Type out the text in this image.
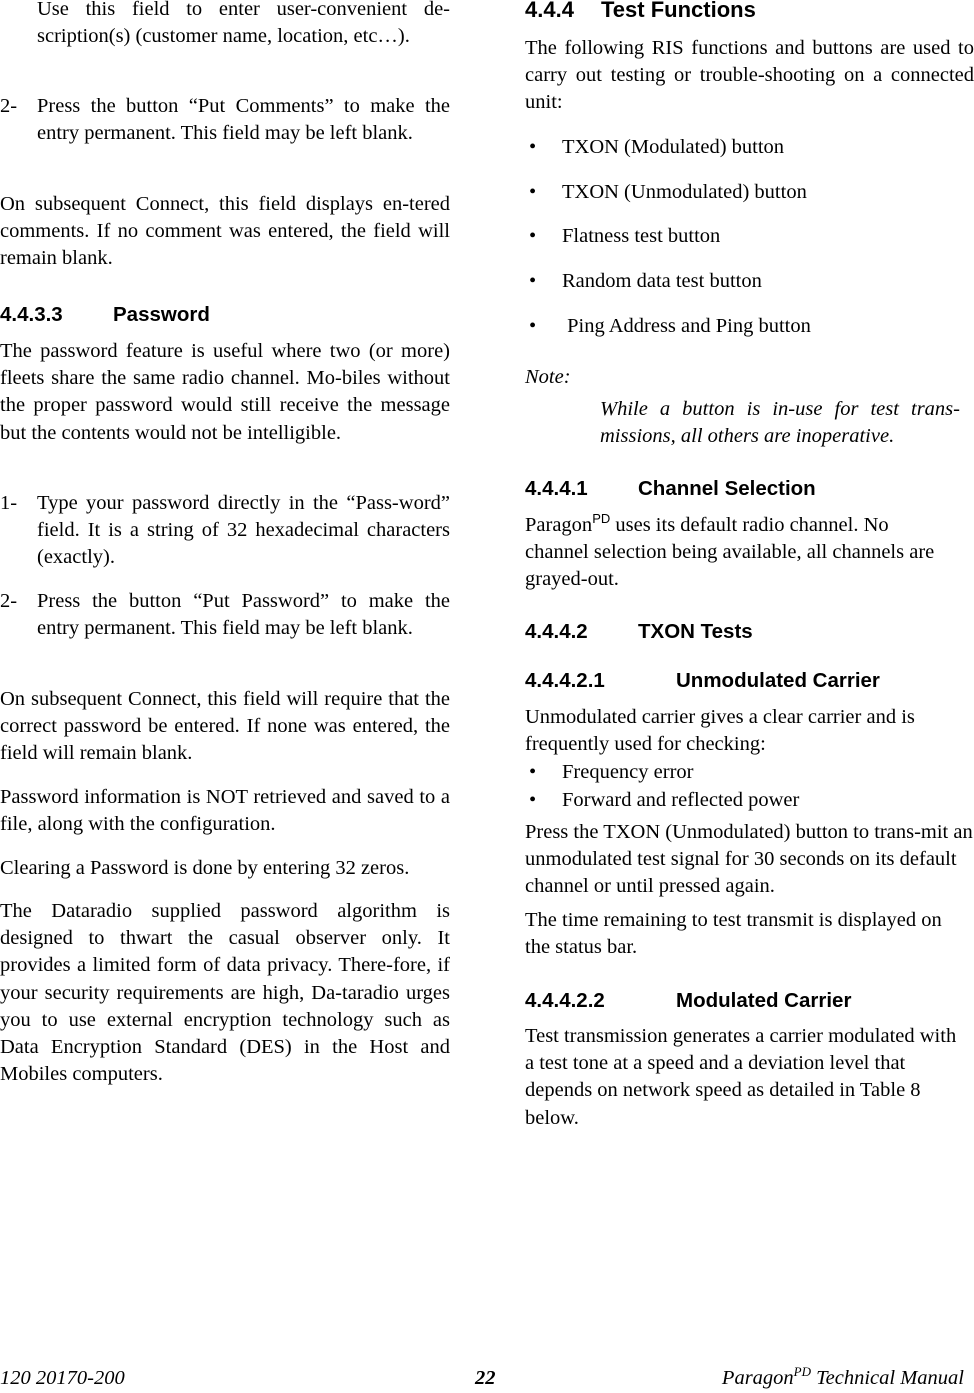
Use this field to enter user-convenient de-scription(s) (customer name, location, etc…).

2- Press the button “Put Comments” to make the entry permanent. This field may be left blank.

On subsequent Connect, this field displays en-tered comments. If no comment was entered, the field will remain blank.

4.4.3.3 Password

The password feature is useful where two (or more) fleets share the same radio channel. Mo-biles without the proper password would still receive the message but the contents would not be intelligible.

1- Type your password directly in the “Pass-word” field. It is a string of 32 hexadecimal characters (exactly).

2- Press the button “Put Password” to make the entry permanent. This field may be left blank.

On subsequent Connect, this field will require that the correct password be entered. If none was entered, the field will remain blank.

Password information is NOT retrieved and saved to a file, along with the configuration.

Clearing a Password is done by entering 32 zeros.

The Dataradio supplied password algorithm is designed to thwart the casual observer only. It provides a limited form of data privacy. There-fore, if your security requirements are high, Da-taradio urges you to use external encryption technology such as Data Encryption Standard (DES) in the Host and Mobiles computers.

4.4.4 Test Functions

The following RIS functions and buttons are used to carry out testing or trouble-shooting on a connected unit:

• TXON (Modulated) button
• TXON (Unmodulated) button
• Flatness test button
• Random data test button
• Ping Address and Ping button

Note:

While a button is in-use for test trans-missions, all others are inoperative.

4.4.4.1 Channel Selection

Paragon$^{PD}$ uses its default radio channel. No channel selection being available, all channels are grayed-out.

4.4.4.2 TXON Tests
4.4.4.2.1	Unmodulated Carrier

Unmodulated carrier gives a clear carrier and is frequently used for checking:

• Frequency error
• Forward and reflected power

Press the TXON (Unmodulated) button to trans-mit an unmodulated test signal for 30 seconds on its default channel or until pressed again.

The time remaining to test transmit is displayed on the status bar.

4.4.4.2.2	Modulated Carrier

Test transmission generates a carrier modulated with a test tone at a speed and a deviation level that depends on network speed as detailed in Table 8 below.

120 20170-200	22	Paragon$^{PD}$ Technical Manual
